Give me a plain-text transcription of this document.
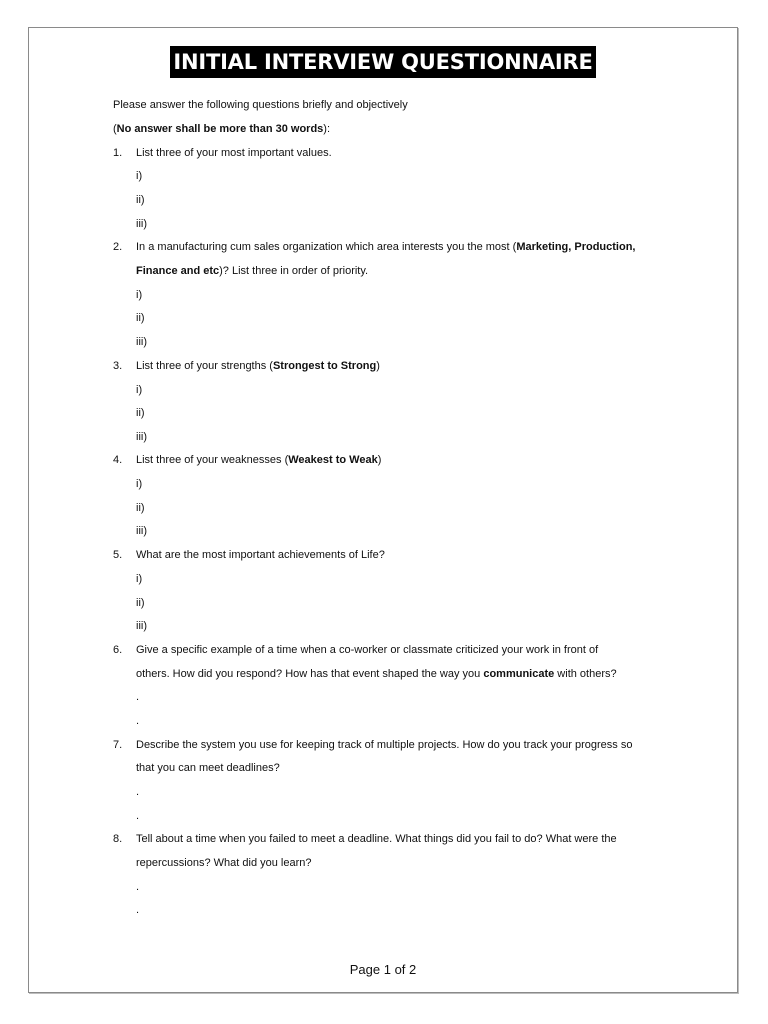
INITIAL INTERVIEW QUESTIONNAIRE
Please answer the following questions briefly and objectively
(No answer shall be more than 30 words):
1. List three of your most important values.
i)
ii)
iii)
2. In a manufacturing cum sales organization which area interests you the most (Marketing, Production,
Finance and etc)? List three in order of priority.
i)
ii)
iii)
3. List three of your strengths (Strongest to Strong)
i)
ii)
iii)
4. List three of your weaknesses (Weakest to Weak)
i)
ii)
iii)
5. What are the most important achievements of Life?
i)
ii)
iii)
6. Give a specific example of a time when a co-worker or classmate criticized your work in front of
others. How did you respond? How has that event shaped the way you communicate with others?
.
.
7. Describe the system you use for keeping track of multiple projects. How do you track your progress so
that you can meet deadlines?
.
.
8. Tell about a time when you failed to meet a deadline. What things did you fail to do? What were the
repercussions? What did you learn?
.
.
Page 1 of 2
